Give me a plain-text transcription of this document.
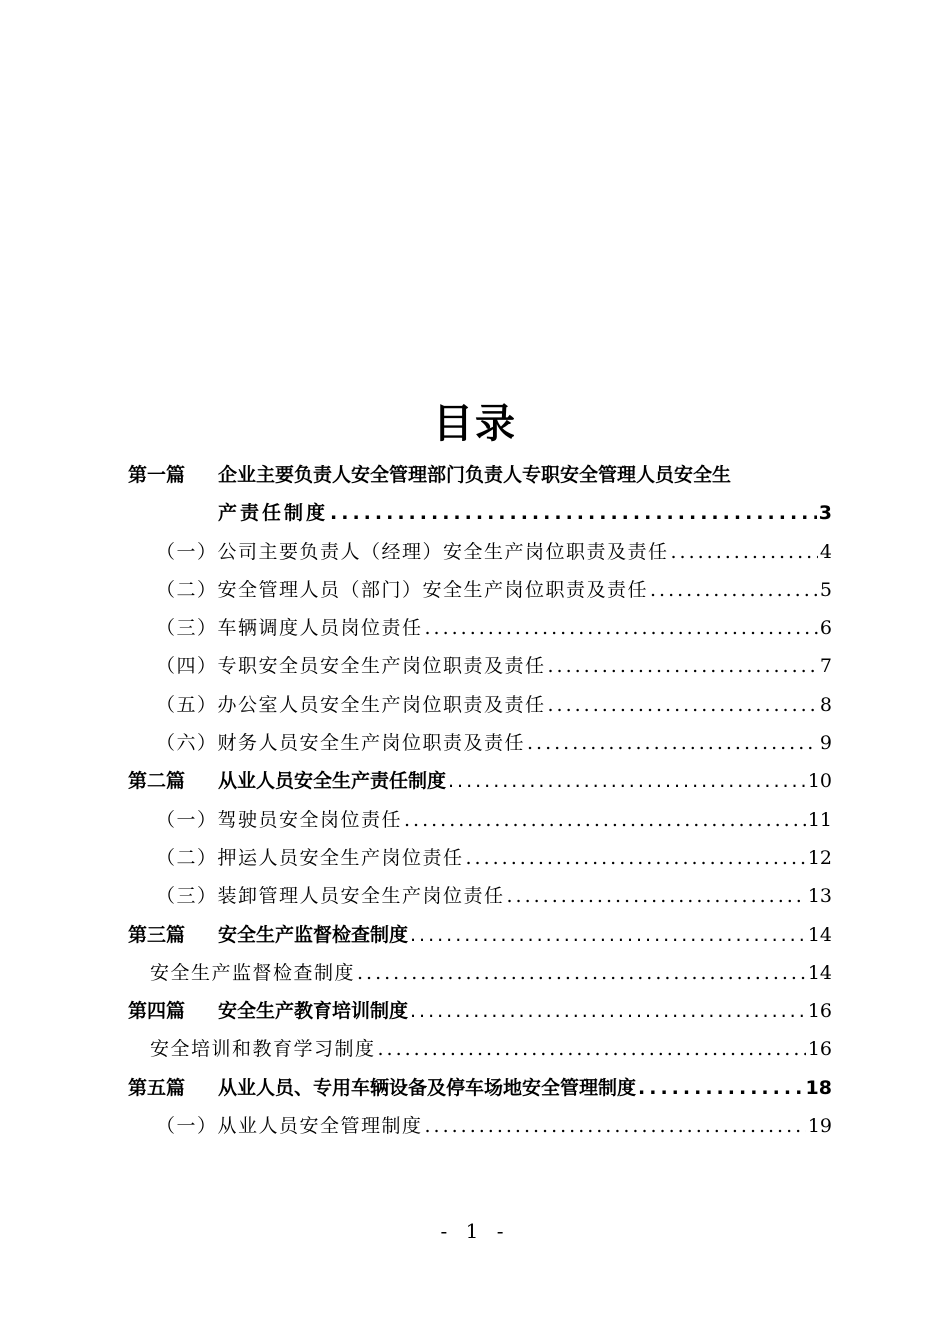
目录
第一篇	企业主要负责人安全管理部门负责人专职安全管理人员安全生
产责任制度 .....	3
（一）公司主要负责人（经理）安全生产岗位职责及责任 .....	4
（二）安全管理人员（部门）安全生产岗位职责及责任 .....	5
（三）车辆调度人员岗位责任 .....	6
（四）专职安全员安全生产岗位职责及责任 .....	7
（五）办公室人员安全生产岗位职责及责任 .....	8
（六）财务人员安全生产岗位职责及责任 .....	9
第二篇	从业人员安全生产责任制度 .....	10
（一）驾驶员安全岗位责任 .....	11
（二）押运人员安全生产岗位责任 .....	12
（三）装卸管理人员安全生产岗位责任 .....	13
第三篇	安全生产监督检查制度 .....	14
安全生产监督检查制度 .....	14
第四篇	安全生产教育培训制度 .....	16
安全培训和教育学习制度 .....	16
第五篇	从业人员、专用车辆设备及停车场地安全管理制度 .....	18
（一）从业人员安全管理制度 .....	19
- 1 -
